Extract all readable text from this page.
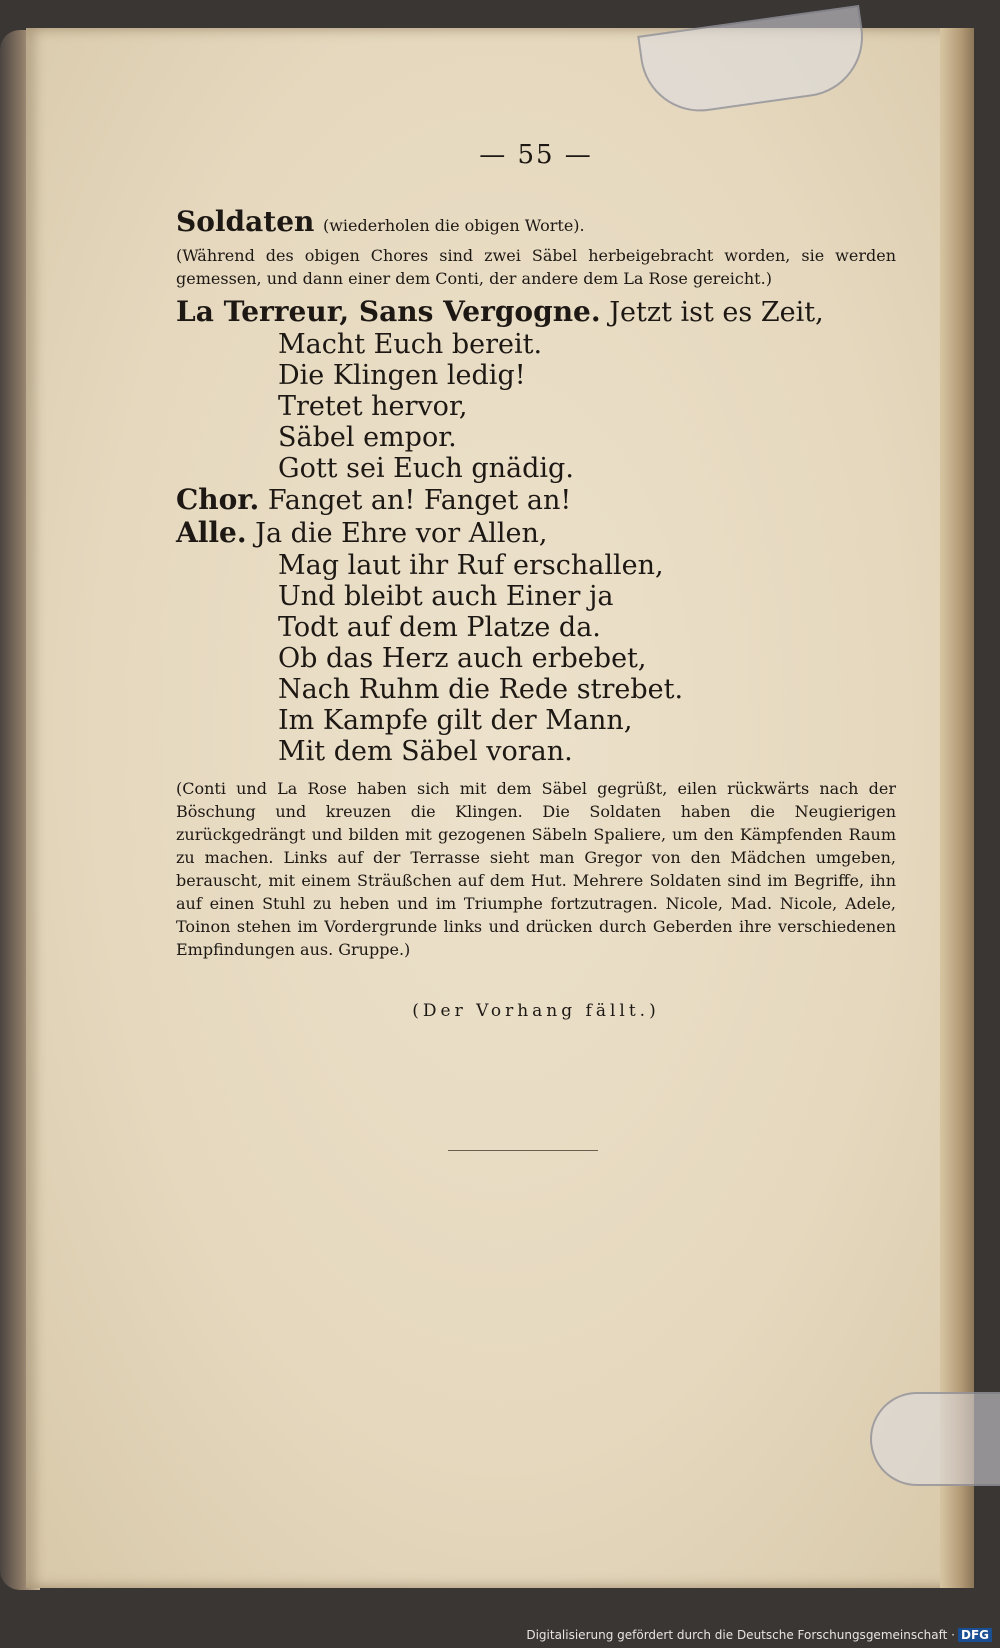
— 55 —
Soldaten (wiederholen die obigen Worte).
(Während des obigen Chores sind zwei Säbel herbeigebracht worden, sie werden gemessen, und dann einer dem Conti, der andere dem La Rose gereicht.)
La Terreur, Sans Vergogne. Jetzt ist es Zeit,
Macht Euch bereit.
Die Klingen ledig!
Tretet hervor,
Säbel empor.
Gott sei Euch gnädig.
Chor. Fanget an! Fanget an!
Alle. Ja die Ehre vor Allen,
Mag laut ihr Ruf erschallen,
Und bleibt auch Einer ja
Todt auf dem Platze da.
Ob das Herz auch erbebet,
Nach Ruhm die Rede strebet.
Im Kampfe gilt der Mann,
Mit dem Säbel voran.
(Conti und La Rose haben sich mit dem Säbel gegrüßt, eilen rückwärts nach der Böschung und kreuzen die Klingen. Die Soldaten haben die Neugierigen zurückgedrängt und bilden mit gezogenen Säbeln Spaliere, um den Kämpfenden Raum zu machen. Links auf der Terrasse sieht man Gregor von den Mädchen umgeben, berauscht, mit einem Sträußchen auf dem Hut. Mehrere Soldaten sind im Begriffe, ihn auf einen Stuhl zu heben und im Triumphe fortzutragen. Nicole, Mad. Nicole, Adele, Toinon stehen im Vordergrunde links und drücken durch Geberden ihre verschiedenen Empfindungen aus. Gruppe.)
(Der Vorhang fällt.)
Digitalisierung gefördert durch die Deutsche Forschungsgemeinschaft · DFG
